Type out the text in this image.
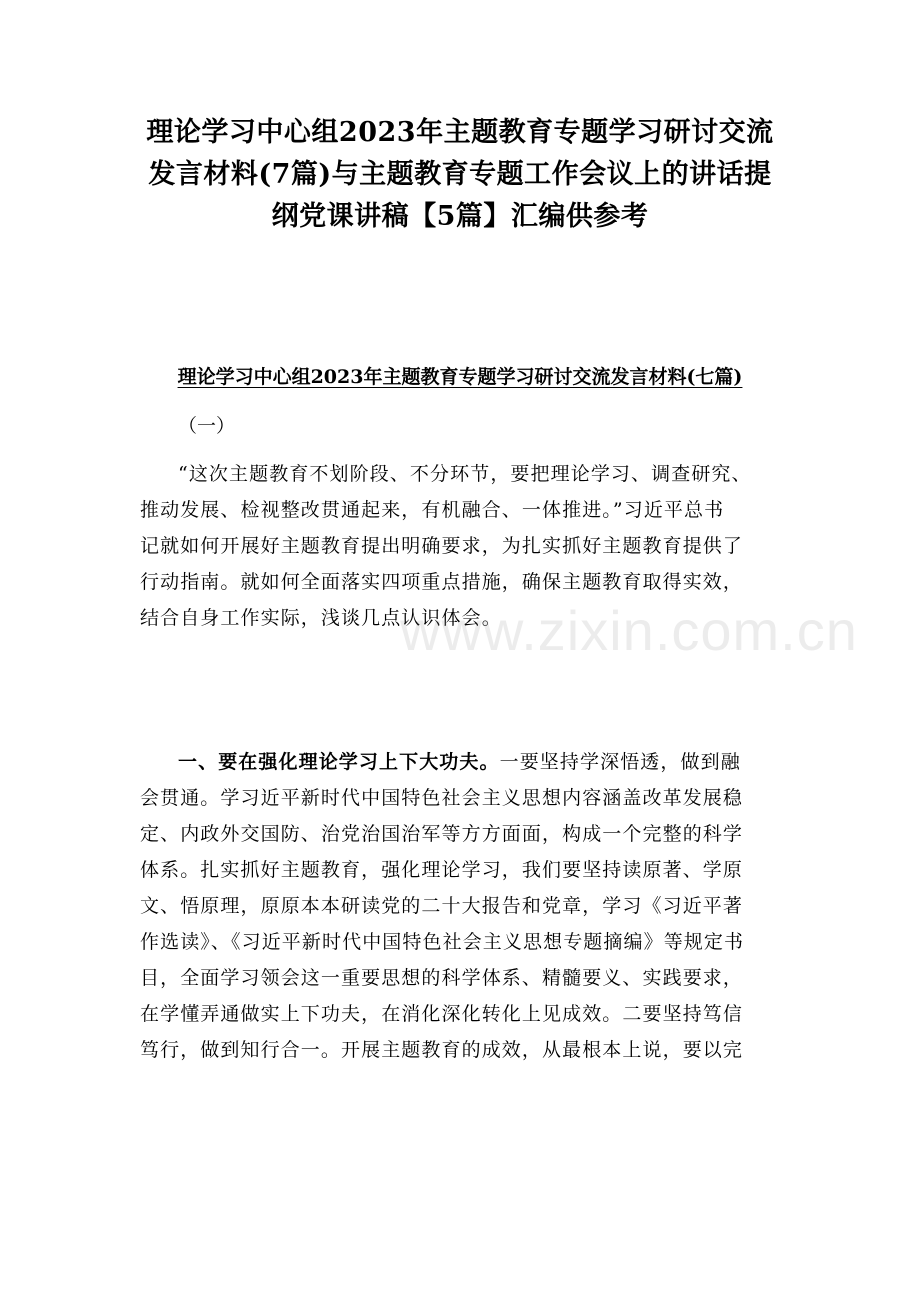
理论学习中心组2023年主题教育专题学习研讨交流
发言材料(7篇)与主题教育专题工作会议上的讲话提
纲党课讲稿【5篇】汇编供参考
理论学习中心组2023年主题教育专题学习研讨交流发言材料(七篇)
（一）
“这次主题教育不划阶段、不分环节，要把理论学习、调查研究、
推动发展、检视整改贯通起来，有机融合、一体推进。”习近平总书
记就如何开展好主题教育提出明确要求，为扎实抓好主题教育提供了
行动指南。就如何全面落实四项重点措施，确保主题教育取得实效，
结合自身工作实际，浅谈几点认识体会。
一、要在强化理论学习上下大功夫。一要坚持学深悟透，做到融
会贯通。学习近平新时代中国特色社会主义思想内容涵盖改革发展稳
定、内政外交国防、治党治国治军等方方面面，构成一个完整的科学
体系。扎实抓好主题教育，强化理论学习，我们要坚持读原著、学原
文、悟原理，原原本本研读党的二十大报告和党章，学习《习近平著
作选读》、《习近平新时代中国特色社会主义思想专题摘编》等规定书
目，全面学习领会这一重要思想的科学体系、精髓要义、实践要求，
在学懂弄通做实上下功夫，在消化深化转化上见成效。二要坚持笃信
笃行，做到知行合一。开展主题教育的成效，从最根本上说，要以完
www.zixin.com.cn
